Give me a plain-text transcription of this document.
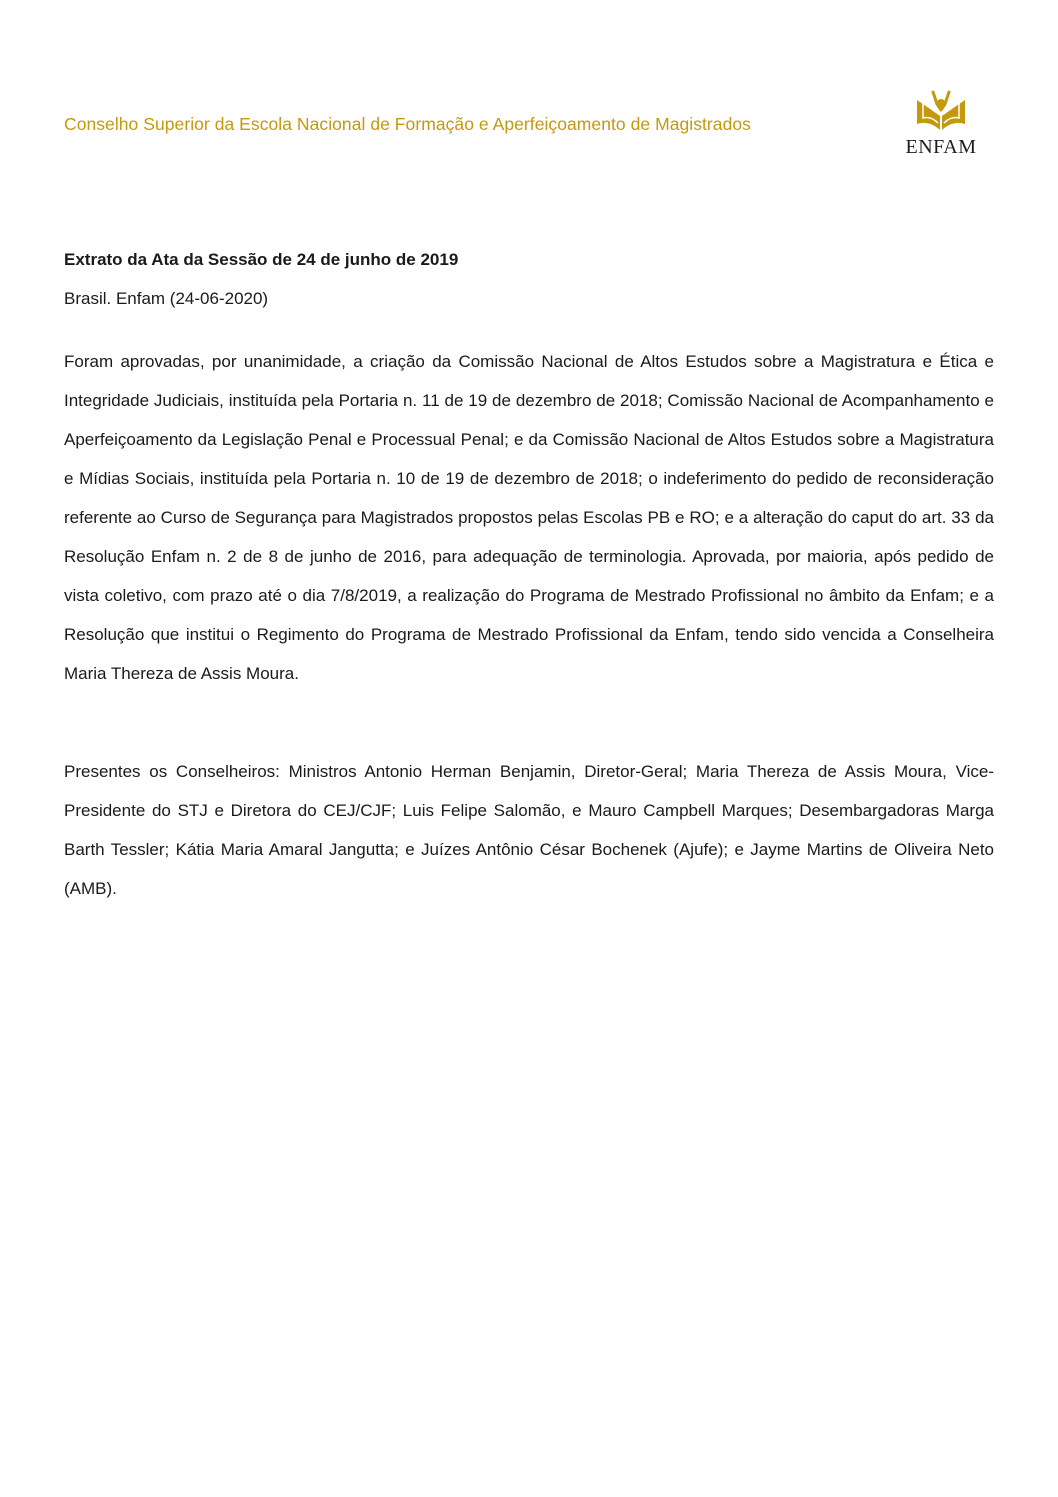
Conselho Superior da Escola Nacional de Formação e Aperfeiçoamento de Magistrados
ENFAM
Extrato da Ata da Sessão de 24 de junho de 2019
Brasil. Enfam (24-06-2020)

Foram aprovadas, por unanimidade, a criação da Comissão Nacional de Altos Estudos sobre a Magistratura e Ética e Integridade Judiciais, instituída pela Portaria n. 11 de 19 de dezembro de 2018; Comissão Nacional de Acompanhamento e Aperfeiçoamento da Legislação Penal e Processual Penal; e da Comissão Nacional de Altos Estudos sobre a Magistratura e Mídias Sociais, instituída pela Portaria n. 10 de 19 de dezembro de 2018; o indeferimento do pedido de reconsideração referente ao Curso de Segurança para Magistrados propostos pelas Escolas PB e RO; e a alteração do caput do art. 33 da Resolução Enfam n. 2 de 8 de junho de 2016, para adequação de terminologia. Aprovada, por maioria, após pedido de vista coletivo, com prazo até o dia 7/8/2019, a realização do Programa de Mestrado Profissional no âmbito da Enfam; e a Resolução que institui o Regimento do Programa de Mestrado Profissional da Enfam, tendo sido vencida a Conselheira Maria Thereza de Assis Moura.

Presentes os Conselheiros: Ministros Antonio Herman Benjamin, Diretor-Geral; Maria Thereza de Assis Moura, Vice-Presidente do STJ e Diretora do CEJ/CJF; Luis Felipe Salomão, e Mauro Campbell Marques; Desembargadoras Marga Barth Tessler; Kátia Maria Amaral Jangutta; e Juízes Antônio César Bochenek (Ajufe); e Jayme Martins de Oliveira Neto (AMB).
